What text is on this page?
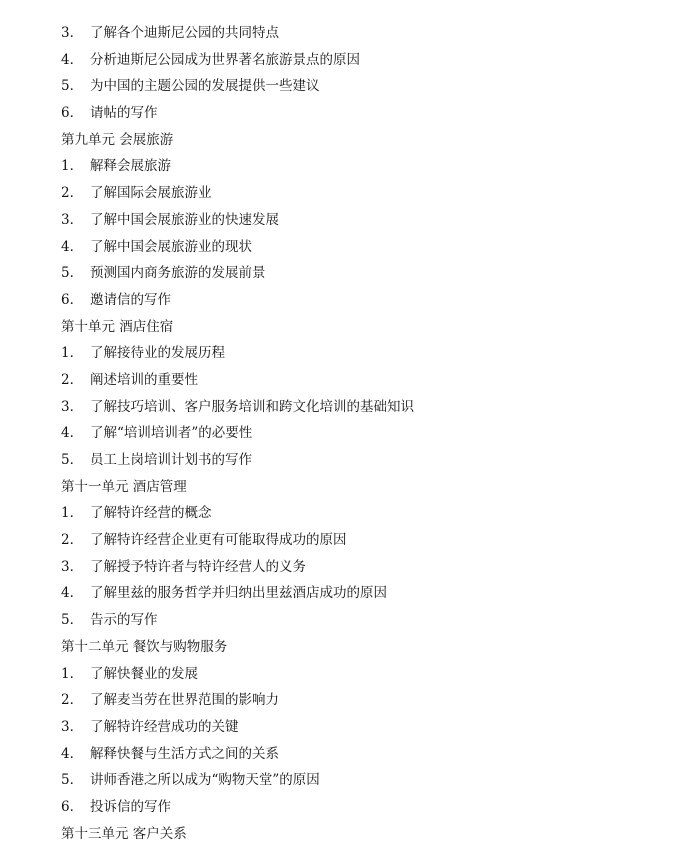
3． 了解各个迪斯尼公园的共同特点
4． 分析迪斯尼公园成为世界著名旅游景点的原因
5． 为中国的主题公园的发展提供一些建议
6． 请帖的写作
第九单元 会展旅游
1． 解释会展旅游
2． 了解国际会展旅游业
3． 了解中国会展旅游业的快速发展
4． 了解中国会展旅游业的现状
5． 预测国内商务旅游的发展前景
6． 邀请信的写作
第十单元 酒店住宿
1． 了解接待业的发展历程
2． 阐述培训的重要性
3． 了解技巧培训、客户服务培训和跨文化培训的基础知识
4． 了解“培训培训者”的必要性
5． 员工上岗培训计划书的写作
第十一单元 酒店管理
1． 了解特许经营的概念
2． 了解特许经营企业更有可能取得成功的原因
3． 了解授予特许者与特许经营人的义务
4． 了解里兹的服务哲学并归纳出里兹酒店成功的原因
5． 告示的写作
第十二单元 餐饮与购物服务
1． 了解快餐业的发展
2． 了解麦当劳在世界范围的影响力
3． 了解特许经营成功的关键
4． 解释快餐与生活方式之间的关系
5． 讲师香港之所以成为“购物天堂”的原因
6． 投诉信的写作
第十三单元 客户关系
